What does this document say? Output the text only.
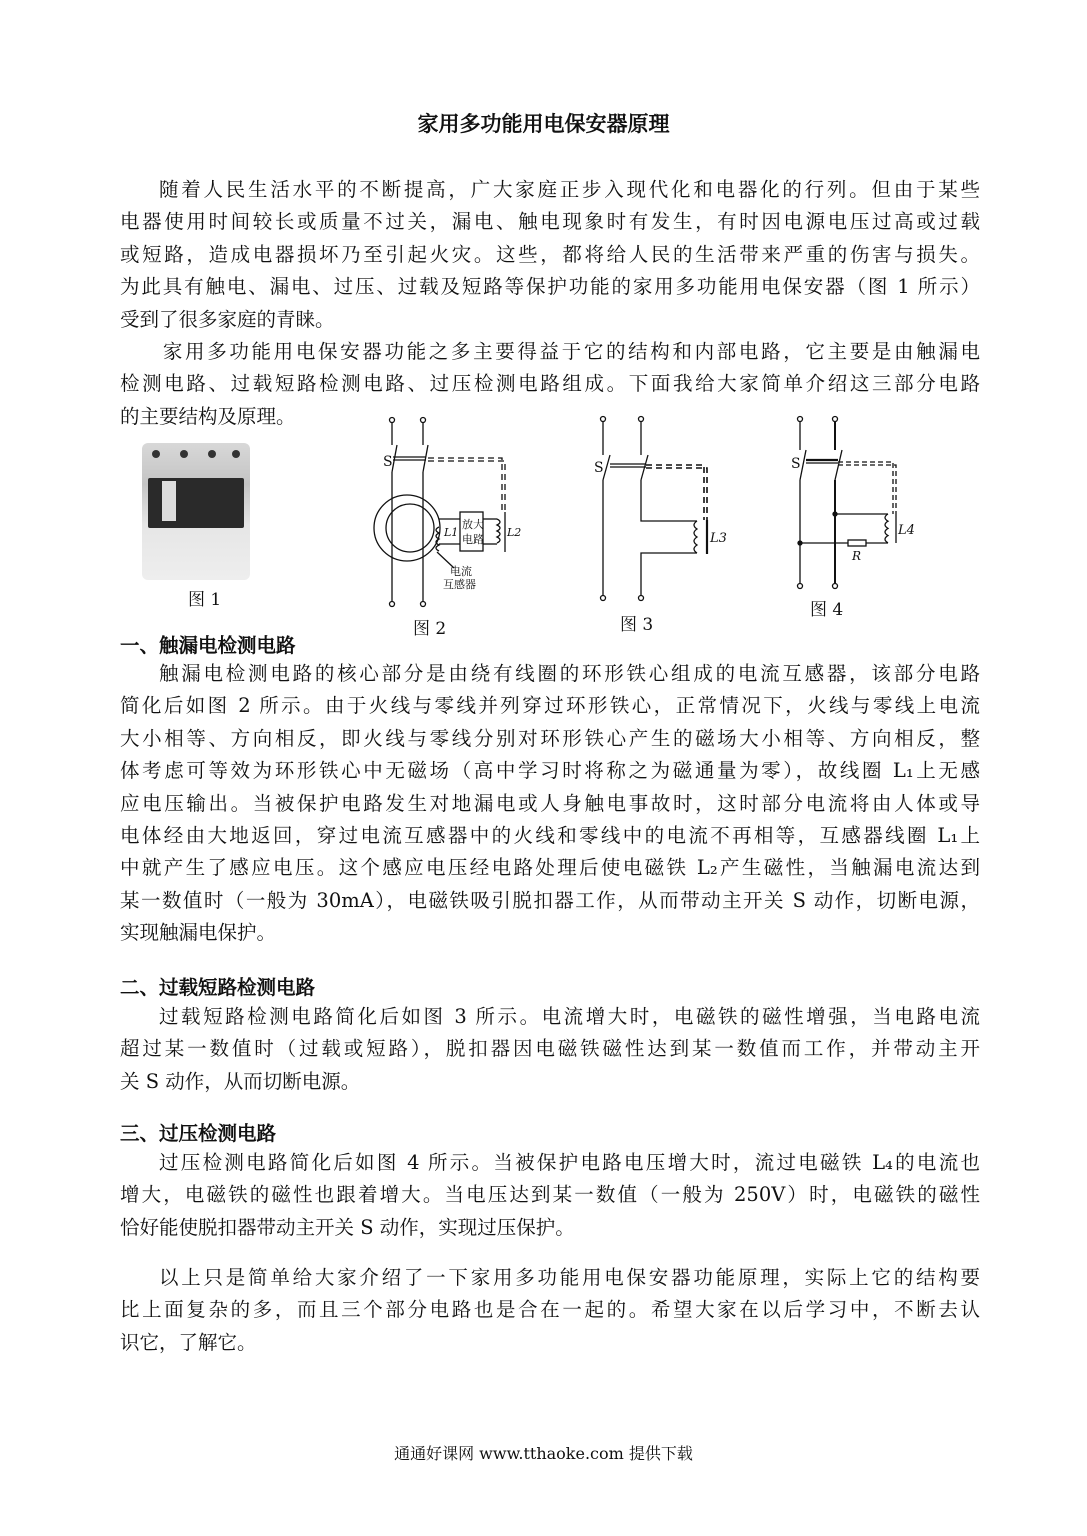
家用多功能用电保安器原理
随着人民生活水平的不断提高，广大家庭正步入现代化和电器化的行列。但由于某些
电器使用时间较长或质量不过关，漏电、触电现象时有发生，有时因电源电压过高或过载
或短路，造成电器损坏乃至引起火灾。这些，都将给人民的生活带来严重的伤害与损失。
为此具有触电、漏电、过压、过载及短路等保护功能的家用多功能用电保安器（图 1 所示）
受到了很多家庭的青睐。
家用多功能用电保安器功能之多主要得益于它的结构和内部电路，它主要是由触漏电
检测电路、过载短路检测电路、过压检测电路组成。下面我给大家简单介绍这三部分电路
的主要结构及原理。
图 1
S
L1
放大
电路
L2
电流
互感器
图 2
S
L3
图 3
S
L4
R
图 4
一、触漏电检测电路
触漏电检测电路的核心部分是由绕有线圈的环形铁心组成的电流互感器，该部分电路
简化后如图 2 所示。由于火线与零线并列穿过环形铁心，正常情况下，火线与零线上电流
大小相等、方向相反，即火线与零线分别对环形铁心产生的磁场大小相等、方向相反，整
体考虑可等效为环形铁心中无磁场（高中学习时将称之为磁通量为零），故线圈 L₁上无感
应电压输出。当被保护电路发生对地漏电或人身触电事故时，这时部分电流将由人体或导
电体经由大地返回，穿过电流互感器中的火线和零线中的电流不再相等，互感器线圈 L₁上
中就产生了感应电压。这个感应电压经电路处理后使电磁铁 L₂产生磁性，当触漏电流达到
某一数值时（一般为 30mA），电磁铁吸引脱扣器工作，从而带动主开关 S 动作，切断电源，
实现触漏电保护。
二、过载短路检测电路
过载短路检测电路简化后如图 3 所示。电流增大时，电磁铁的磁性增强，当电路电流
超过某一数值时（过载或短路），脱扣器因电磁铁磁性达到某一数值而工作，并带动主开
关 S 动作，从而切断电源。
三、过压检测电路
过压检测电路简化后如图 4 所示。当被保护电路电压增大时，流过电磁铁 L₄的电流也
增大，电磁铁的磁性也跟着增大。当电压达到某一数值（一般为 250V）时，电磁铁的磁性
恰好能使脱扣器带动主开关 S 动作，实现过压保护。
以上只是简单给大家介绍了一下家用多功能用电保安器功能原理，实际上它的结构要
比上面复杂的多，而且三个部分电路也是合在一起的。希望大家在以后学习中，不断去认
识它，了解它。
通通好课网 www.tthaoke.com 提供下载
